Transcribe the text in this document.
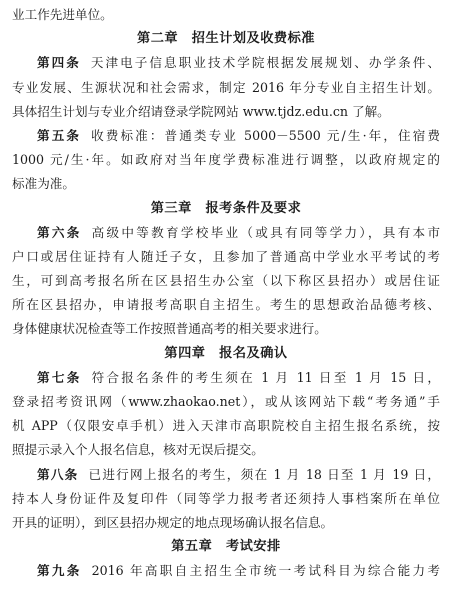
业工作先进单位。
第二章　招生计划及收费标准
第四条 天津电子信息职业技术学院根据发展规划、办学条件、
专业发展、生源状况和社会需求，制定 2016 年分专业自主招生计划。
具体招生计划与专业介绍请登录学院网站 www.tjdz.edu.cn 了解。
第五条 收费标准：普通类专业 5000－5500 元/生·年，住宿费
1000 元/生·年。如政府对当年度学费标准进行调整，以政府规定的
标准为准。
第三章　报考条件及要求
第六条 高级中等教育学校毕业（或具有同等学力），具有本市
户口或居住证持有人随迁子女，且参加了普通高中学业水平考试的考
生，可到高考报名所在区县招生办公室（以下称区县招办）或居住证
所在区县招办，申请报考高职自主招生。考生的思想政治品德考核、
身体健康状况检查等工作按照普通高考的相关要求进行。
第四章　报名及确认
第七条 符合报名条件的考生须在 1 月 11 日至 1 月 15 日，
登录招考资讯网（www.zhaokao.net），或从该网站下载“考务通”手
机 APP（仅限安卓手机）进入天津市高职院校自主招生报名系统，按
照提示录入个人报名信息，核对无误后提交。
第八条 已进行网上报名的考生，须在 1 月 18 日至 1 月 19 日，
持本人身份证件及复印件（同等学力报考者还须持人事档案所在单位
开具的证明），到区县招办规定的地点现场确认报名信息。
第五章　考试安排
第九条 2016 年高职自主招生全市统一考试科目为综合能力考
